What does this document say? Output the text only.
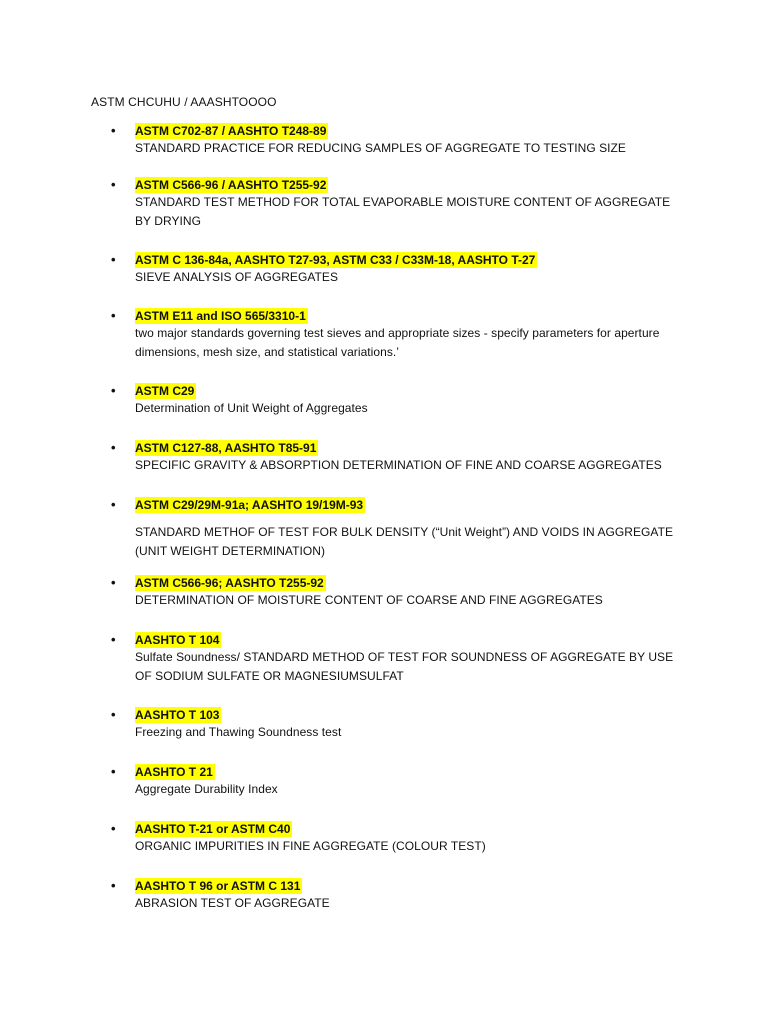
ASTM CHCUHU / AAASHTOOOO
•	ASTM C702-87 / AASHTO T248-89
STANDARD PRACTICE FOR REDUCING SAMPLES OF AGGREGATE TO TESTING SIZE
•	ASTM C566-96 / AASHTO T255-92
STANDARD TEST METHOD FOR TOTAL EVAPORABLE MOISTURE CONTENT OF AGGREGATE BY DRYING
•	ASTM C 136-84a, AASHTO T27-93, ASTM C33 / C33M-18, AASHTO T-27
SIEVE ANALYSIS OF AGGREGATES
•	ASTM E11 and ISO 565/3310-1
two major standards governing test sieves and appropriate sizes - specify parameters for aperture dimensions, mesh size, and statistical variations.’
•	ASTM C29
Determination of Unit Weight of Aggregates
•	ASTM C127-88, AASHTO T85-91
SPECIFIC GRAVITY & ABSORPTION DETERMINATION OF FINE AND COARSE AGGREGATES
•	ASTM C29/29M-91a; AASHTO 19/19M-93
STANDARD METHOF OF TEST FOR BULK DENSITY (“Unit Weight”) AND VOIDS IN AGGREGATE (UNIT WEIGHT DETERMINATION)
•	ASTM C566-96; AASHTO T255-92
DETERMINATION OF MOISTURE CONTENT OF COARSE AND FINE AGGREGATES
•	AASHTO T 104
Sulfate Soundness/ STANDARD METHOD OF TEST FOR SOUNDNESS OF AGGREGATE BY USE OF SODIUM SULFATE OR MAGNESIUMSULFAT
•	AASHTO T 103
Freezing and Thawing Soundness test
•	AASHTO T 21
Aggregate Durability Index
•	AASHTO T-21 or ASTM C40
ORGANIC IMPURITIES IN FINE AGGREGATE (COLOUR TEST)
•	AASHTO T 96 or ASTM C 131
ABRASION TEST OF AGGREGATE
